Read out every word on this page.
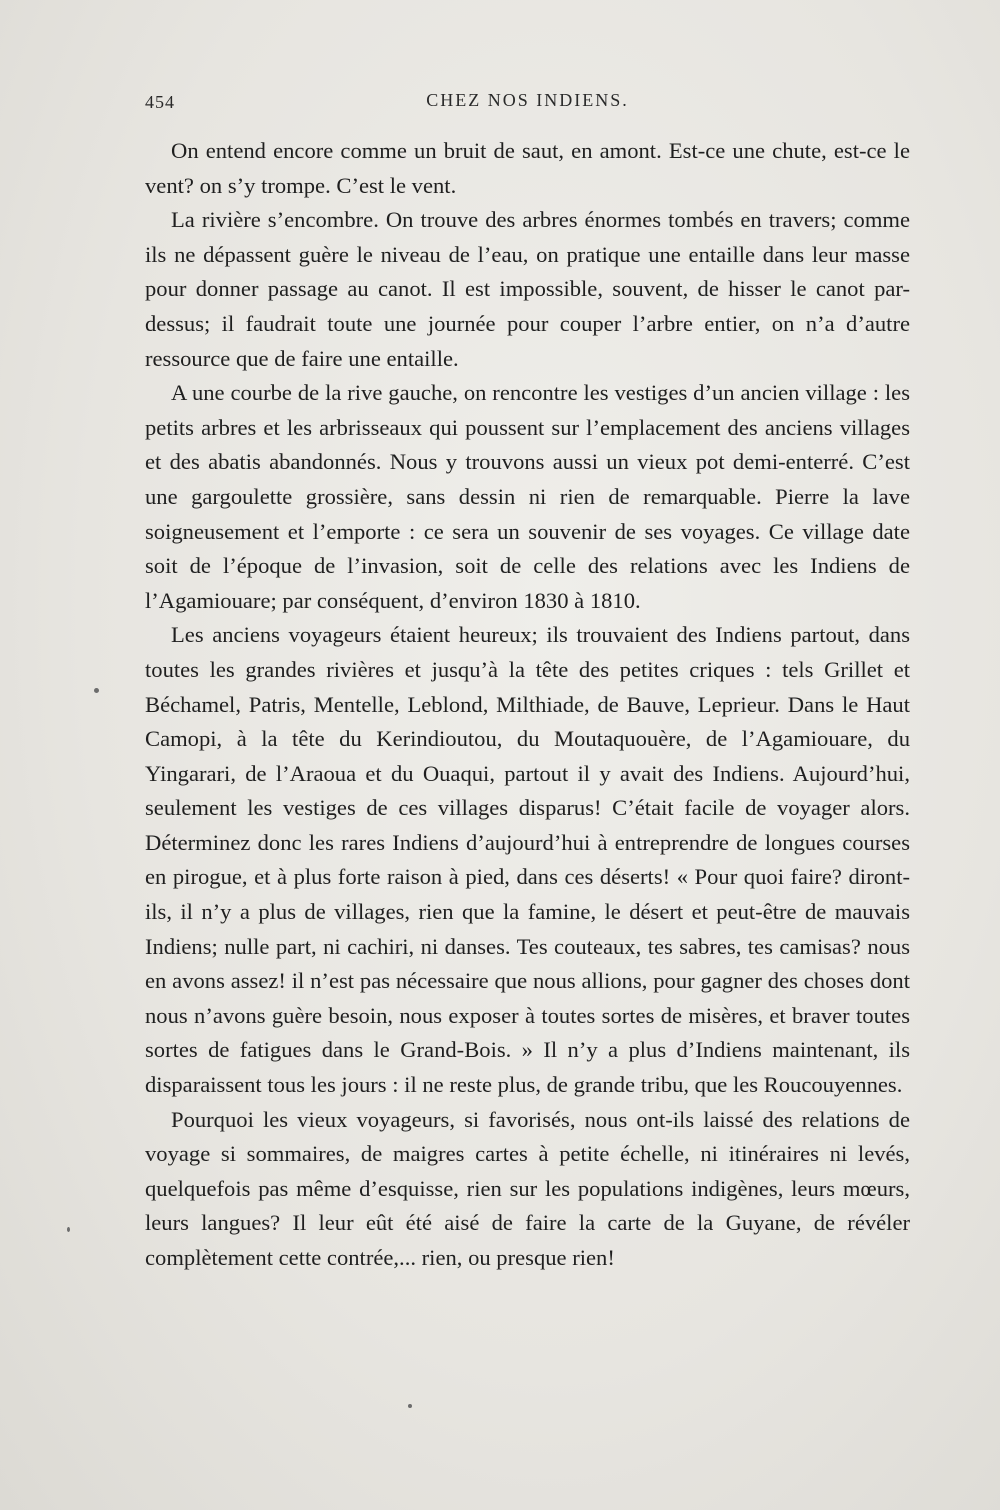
454	CHEZ NOS INDIENS.

On entend encore comme un bruit de saut, en amont. Est-ce une chute, est-ce le vent? on s’y trompe. C’est le vent.

La rivière s’encombre. On trouve des arbres énormes tombés en travers; comme ils ne dépassent guère le niveau de l’eau, on pratique une entaille dans leur masse pour donner passage au canot. Il est impossible, souvent, de hisser le canot par-dessus; il faudrait toute une journée pour couper l’arbre entier, on n’a d’autre ressource que de faire une entaille.

A une courbe de la rive gauche, on rencontre les vestiges d’un ancien village : les petits arbres et les arbrisseaux qui poussent sur l’emplacement des anciens villages et des abatis abandonnés. Nous y trouvons aussi un vieux pot demi-enterré. C’est une gargoulette grossière, sans dessin ni rien de remarquable. Pierre la lave soigneusement et l’emporte : ce sera un souvenir de ses voyages. Ce village date soit de l’époque de l’invasion, soit de celle des relations avec les Indiens de l’Agamiouare; par conséquent, d’environ 1830 à 1810.

Les anciens voyageurs étaient heureux; ils trouvaient des Indiens partout, dans toutes les grandes rivières et jusqu’à la tête des petites criques : tels Grillet et Béchamel, Patris, Mentelle, Leblond, Milthiade, de Bauve, Leprieur. Dans le Haut Camopi, à la tête du Kerindioutou, du Moutaquouère, de l’Agamiouare, du Yingarari, de l’Araoua et du Ouaqui, partout il y avait des Indiens. Aujourd’hui, seulement les vestiges de ces villages disparus! C’était facile de voyager alors. Déterminez donc les rares Indiens d’aujourd’hui à entreprendre de longues courses en pirogue, et à plus forte raison à pied, dans ces déserts! « Pour quoi faire? diront-ils, il n’y a plus de villages, rien que la famine, le désert et peut-être de mauvais Indiens; nulle part, ni cachiri, ni danses. Tes couteaux, tes sabres, tes camisas? nous en avons assez! il n’est pas nécessaire que nous allions, pour gagner des choses dont nous n’avons guère besoin, nous exposer à toutes sortes de misères, et braver toutes sortes de fatigues dans le Grand-Bois. » Il n’y a plus d’Indiens maintenant, ils disparaissent tous les jours : il ne reste plus, de grande tribu, que les Roucouyennes.

Pourquoi les vieux voyageurs, si favorisés, nous ont-ils laissé des relations de voyage si sommaires, de maigres cartes à petite échelle, ni itinéraires ni levés, quelquefois pas même d’esquisse, rien sur les populations indigènes, leurs mœurs, leurs langues? Il leur eût été aisé de faire la carte de la Guyane, de révéler complètement cette contrée,... rien, ou presque rien!
